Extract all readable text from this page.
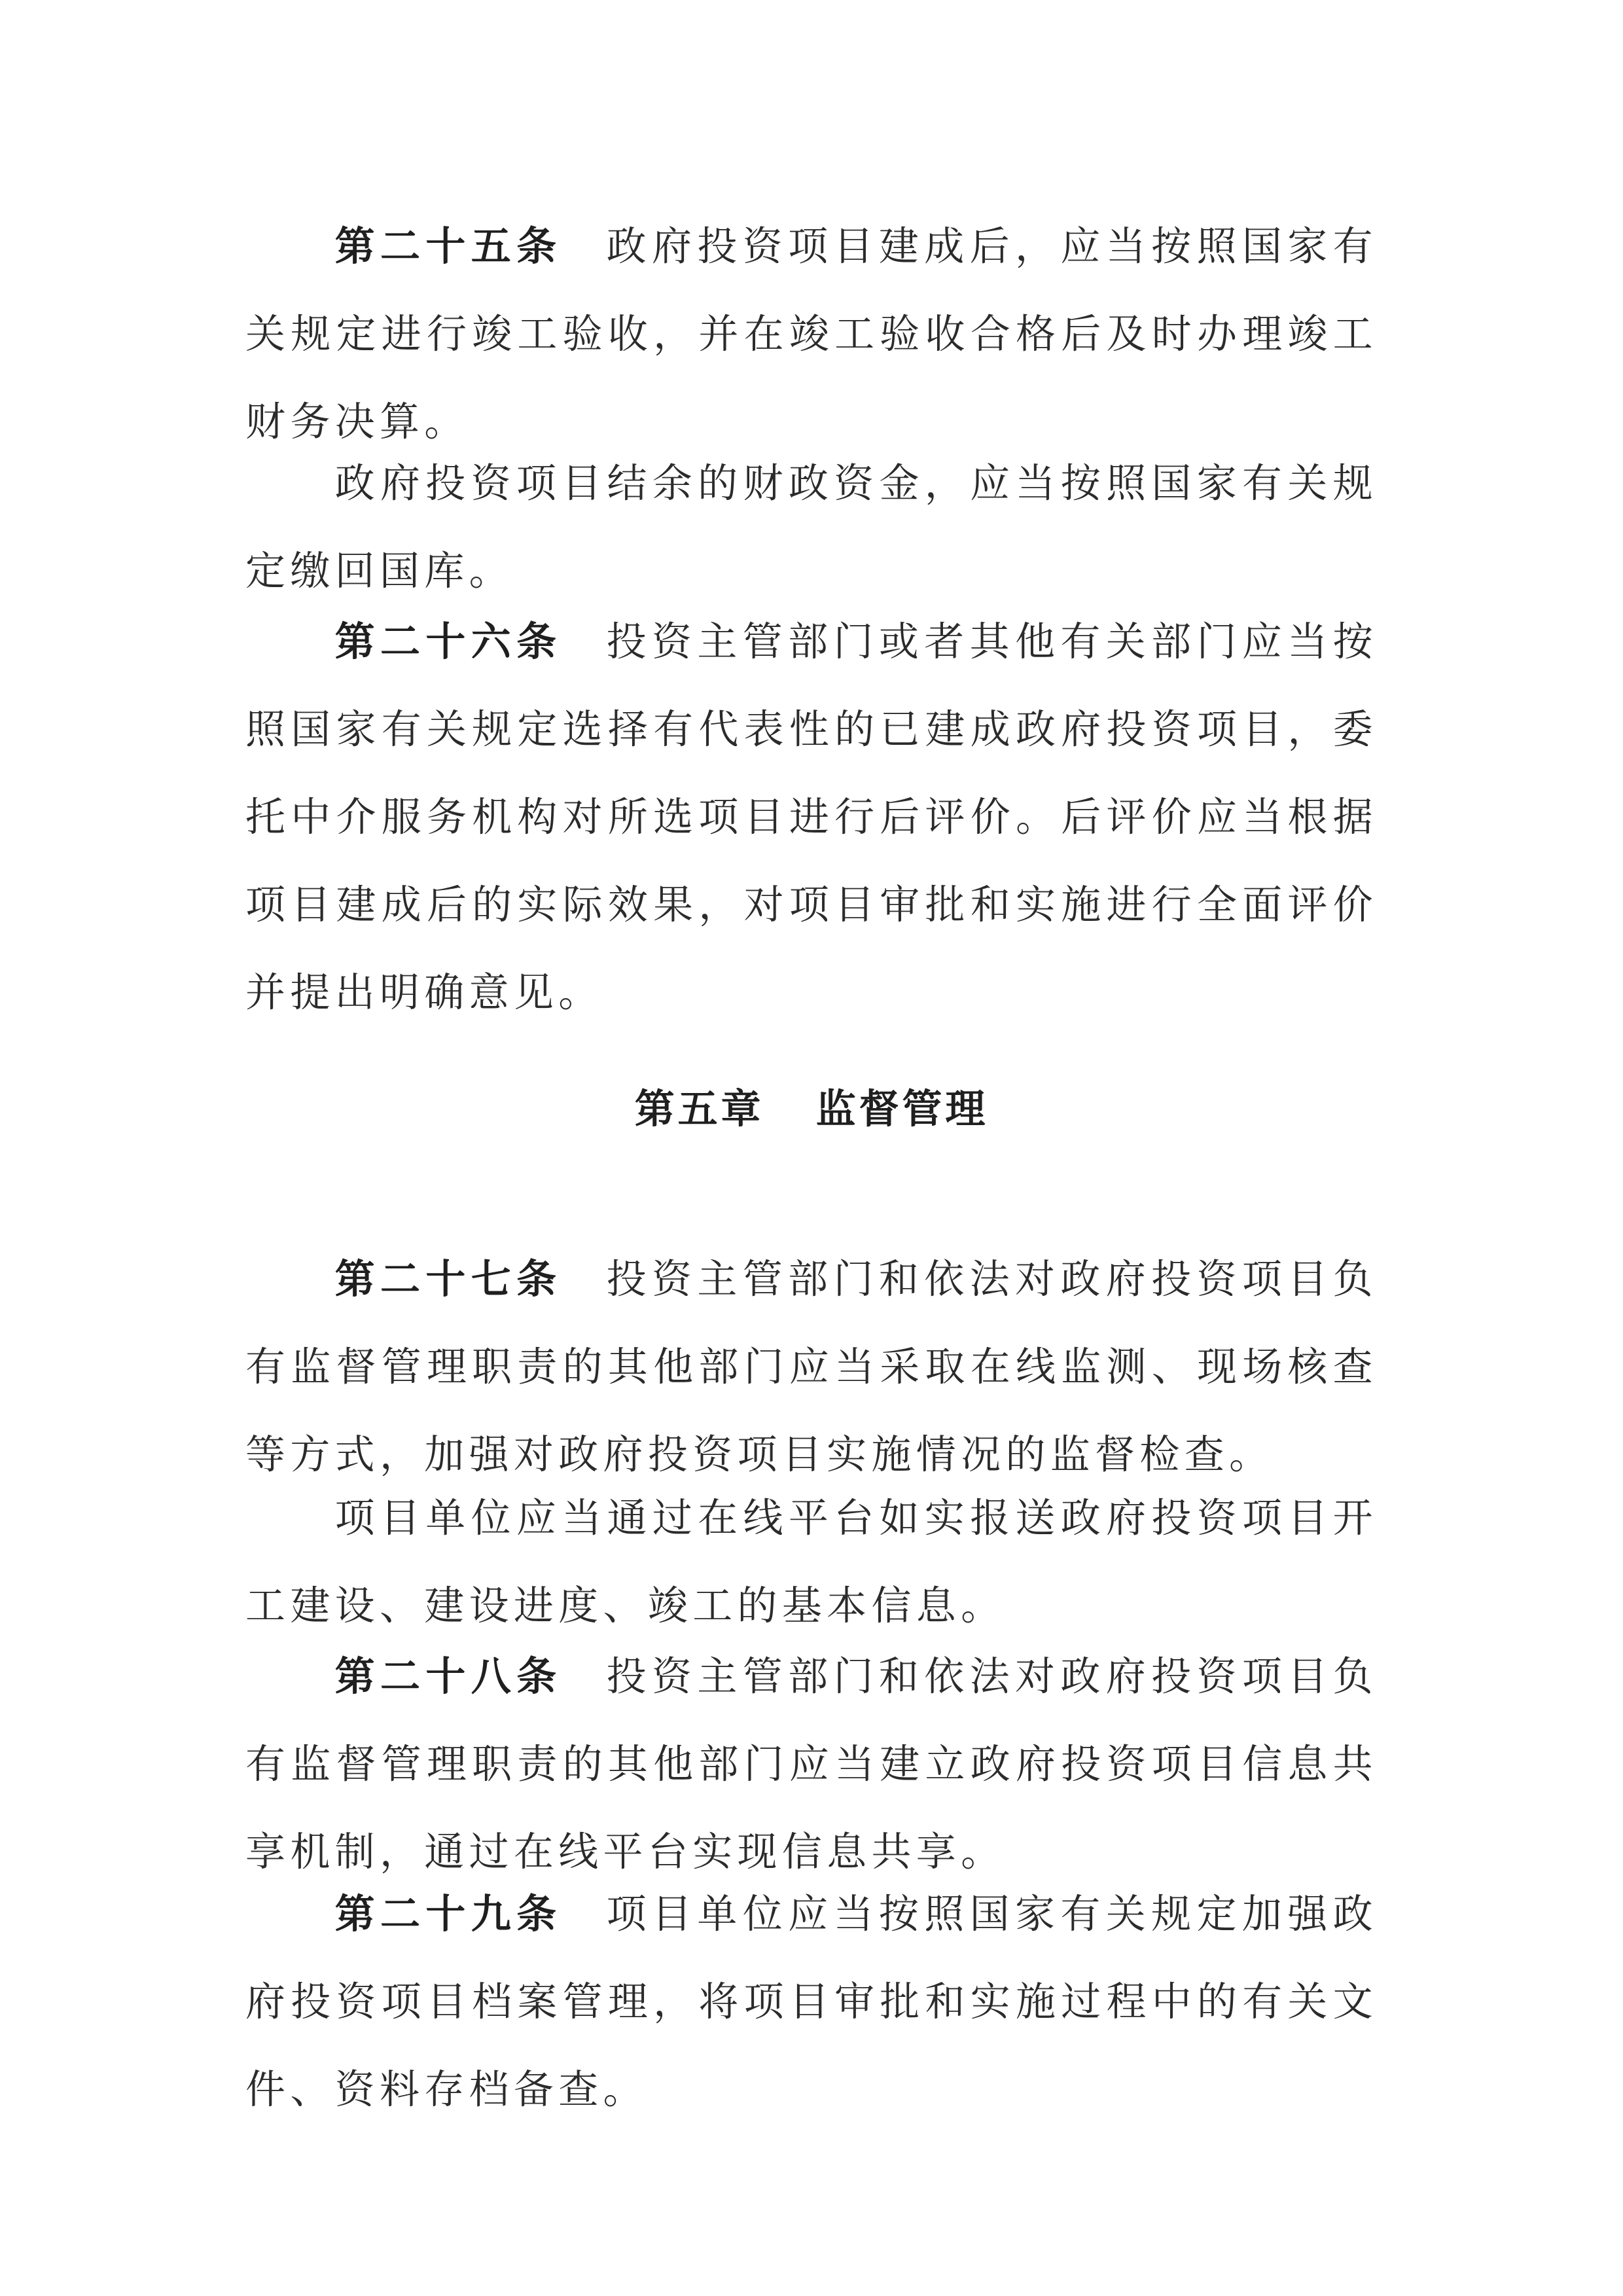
第二十五条 政府投资项目建成后，应当按照国家有关规定进行竣工验收，并在竣工验收合格后及时办理竣工财务决算。

政府投资项目结余的财政资金，应当按照国家有关规定缴回国库。

第二十六条 投资主管部门或者其他有关部门应当按照国家有关规定选择有代表性的已建成政府投资项目，委托中介服务机构对所选项目进行后评价。后评价应当根据项目建成后的实际效果，对项目审批和实施进行全面评价并提出明确意见。

第五章 监督管理

第二十七条 投资主管部门和依法对政府投资项目负有监督管理职责的其他部门应当采取在线监测、现场核查等方式，加强对政府投资项目实施情况的监督检查。

项目单位应当通过在线平台如实报送政府投资项目开工建设、建设进度、竣工的基本信息。

第二十八条 投资主管部门和依法对政府投资项目负有监督管理职责的其他部门应当建立政府投资项目信息共享机制，通过在线平台实现信息共享。

第二十九条 项目单位应当按照国家有关规定加强政府投资项目档案管理，将项目审批和实施过程中的有关文件、资料存档备查。
